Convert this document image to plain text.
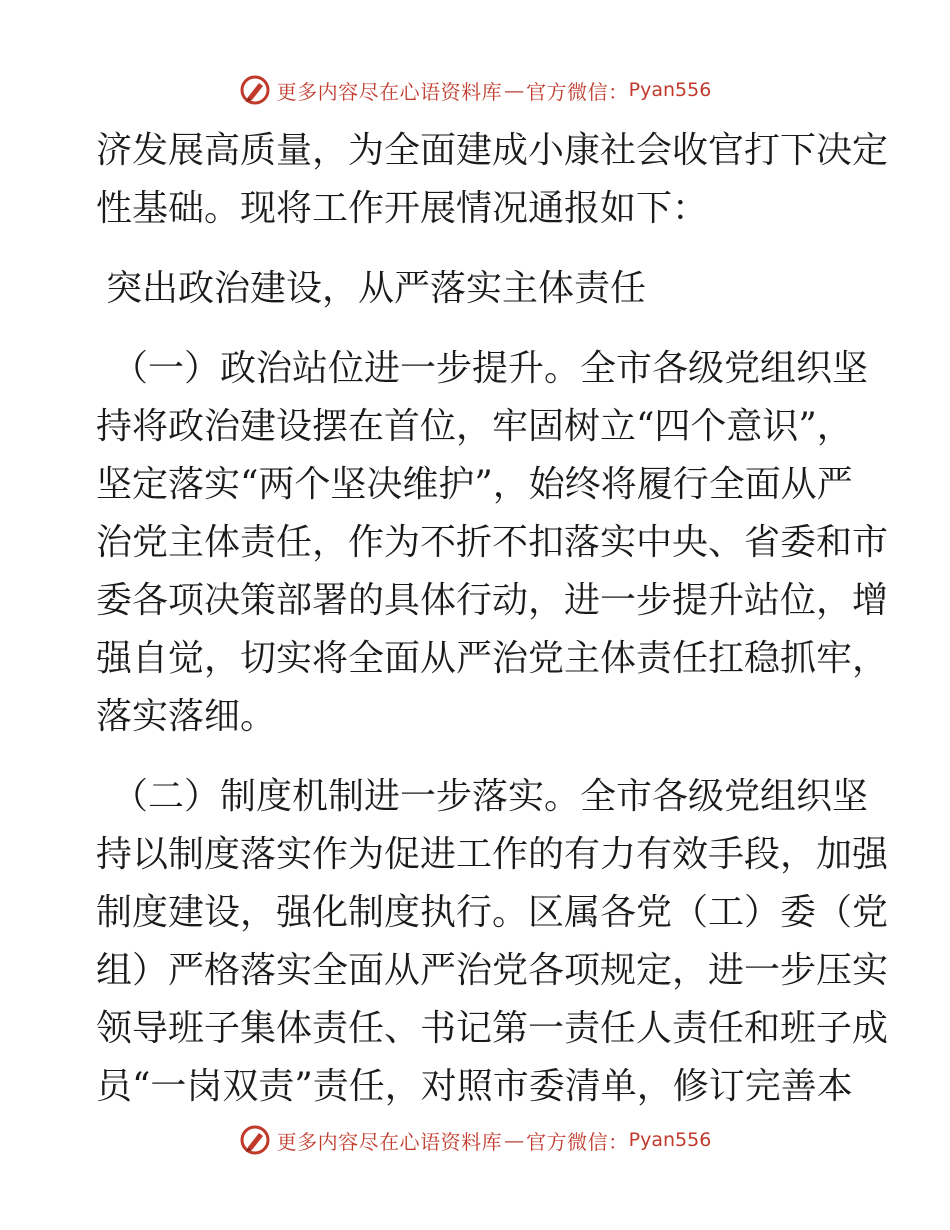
更多内容尽在心语资料库 — 官方微信： Pyan556

济发展高质量，为全面建成小康社会收官打下决定

性基础。现将工作开展情况通报如下：

突出政治建设，从严落实主体责任

（一）政治站位进一步提升。全市各级党组织坚

持将政治建设摆在首位，牢固树立“四个意识”，

坚定落实“两个坚决维护”，始终将履行全面从严

治党主体责任，作为不折不扣落实中央、省委和市

委各项决策部署的具体行动，进一步提升站位，增

强自觉，切实将全面从严治党主体责任扛稳抓牢，

落实落细。

（二）制度机制进一步落实。全市各级党组织坚

持以制度落实作为促进工作的有力有效手段，加强

制度建设，强化制度执行。区属各党（工）委（党

组）严格落实全面从严治党各项规定，进一步压实

领导班子集体责任、书记第一责任人责任和班子成

员“一岗双责”责任，对照市委清单，修订完善本

更多内容尽在心语资料库 — 官方微信： Pyan556
